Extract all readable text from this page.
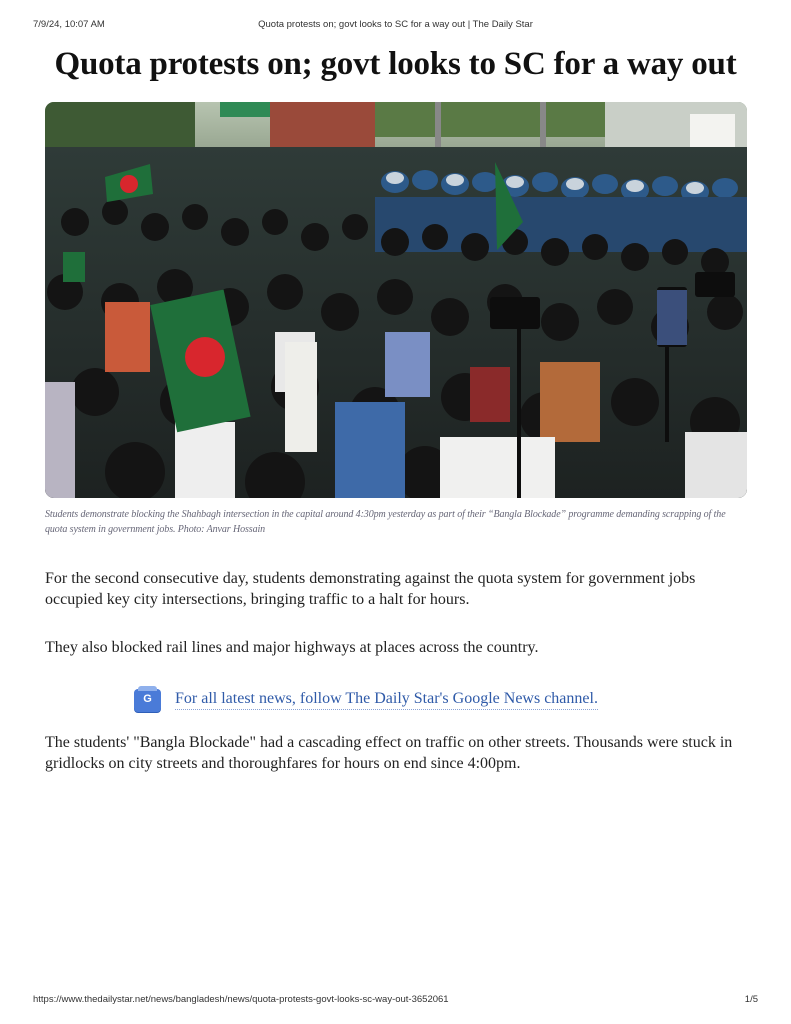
7/9/24, 10:07 AM	Quota protests on; govt looks to SC for a way out | The Daily Star
Quota protests on; govt looks to SC for a way out
Students demonstrate blocking the Shahbagh intersection in the capital around 4:30pm yesterday as part of their “Bangla Blockade” programme demanding scrapping of the quota system in government jobs. Photo: Anvar Hossain

For the second consecutive day, students demonstrating against the quota system for government jobs occupied key city intersections, bringing traffic to a halt for hours.

They also blocked rail lines and major highways at places across the country.

G	For all latest news, follow The Daily Star's Google News channel.

The students' "Bangla Blockade" had a cascading effect on traffic on other streets. Thousands were stuck in gridlocks on city streets and thoroughfares for hours on end since 4:00pm.

https://www.thedailystar.net/news/bangladesh/news/quota-protests-govt-looks-sc-way-out-3652061	1/5
